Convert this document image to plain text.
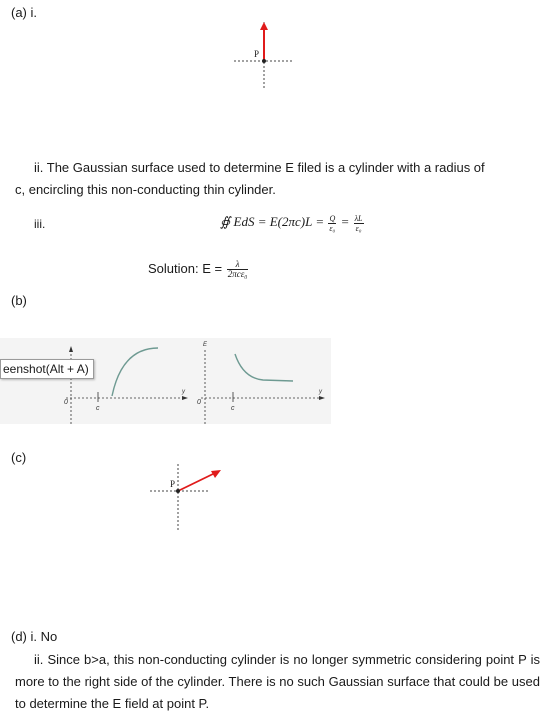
(a) i.
P
ii. The Gaussian surface used to determine E filed is a cylinder with a radius of
c, encircling this non-conducting thin cylinder.
iii.	∯ EdS = $E(2\pi c)L = \frac{Q}{\text{ε₀}} = \frac{\lambda L}{\text{ε₀}}$
Solution: $E = \frac{\lambda}{\text{2πcε₀}}$
(b)
0
c
y
eenshot(Alt + A)
E
0
c
y
(c)
P
(d) i. No
ii. Since b>a, this non-conducting cylinder is no longer symmetric considering point P is more to the right side of the cylinder. There is no such Gaussian surface that could be used to determine the E field at point P.
